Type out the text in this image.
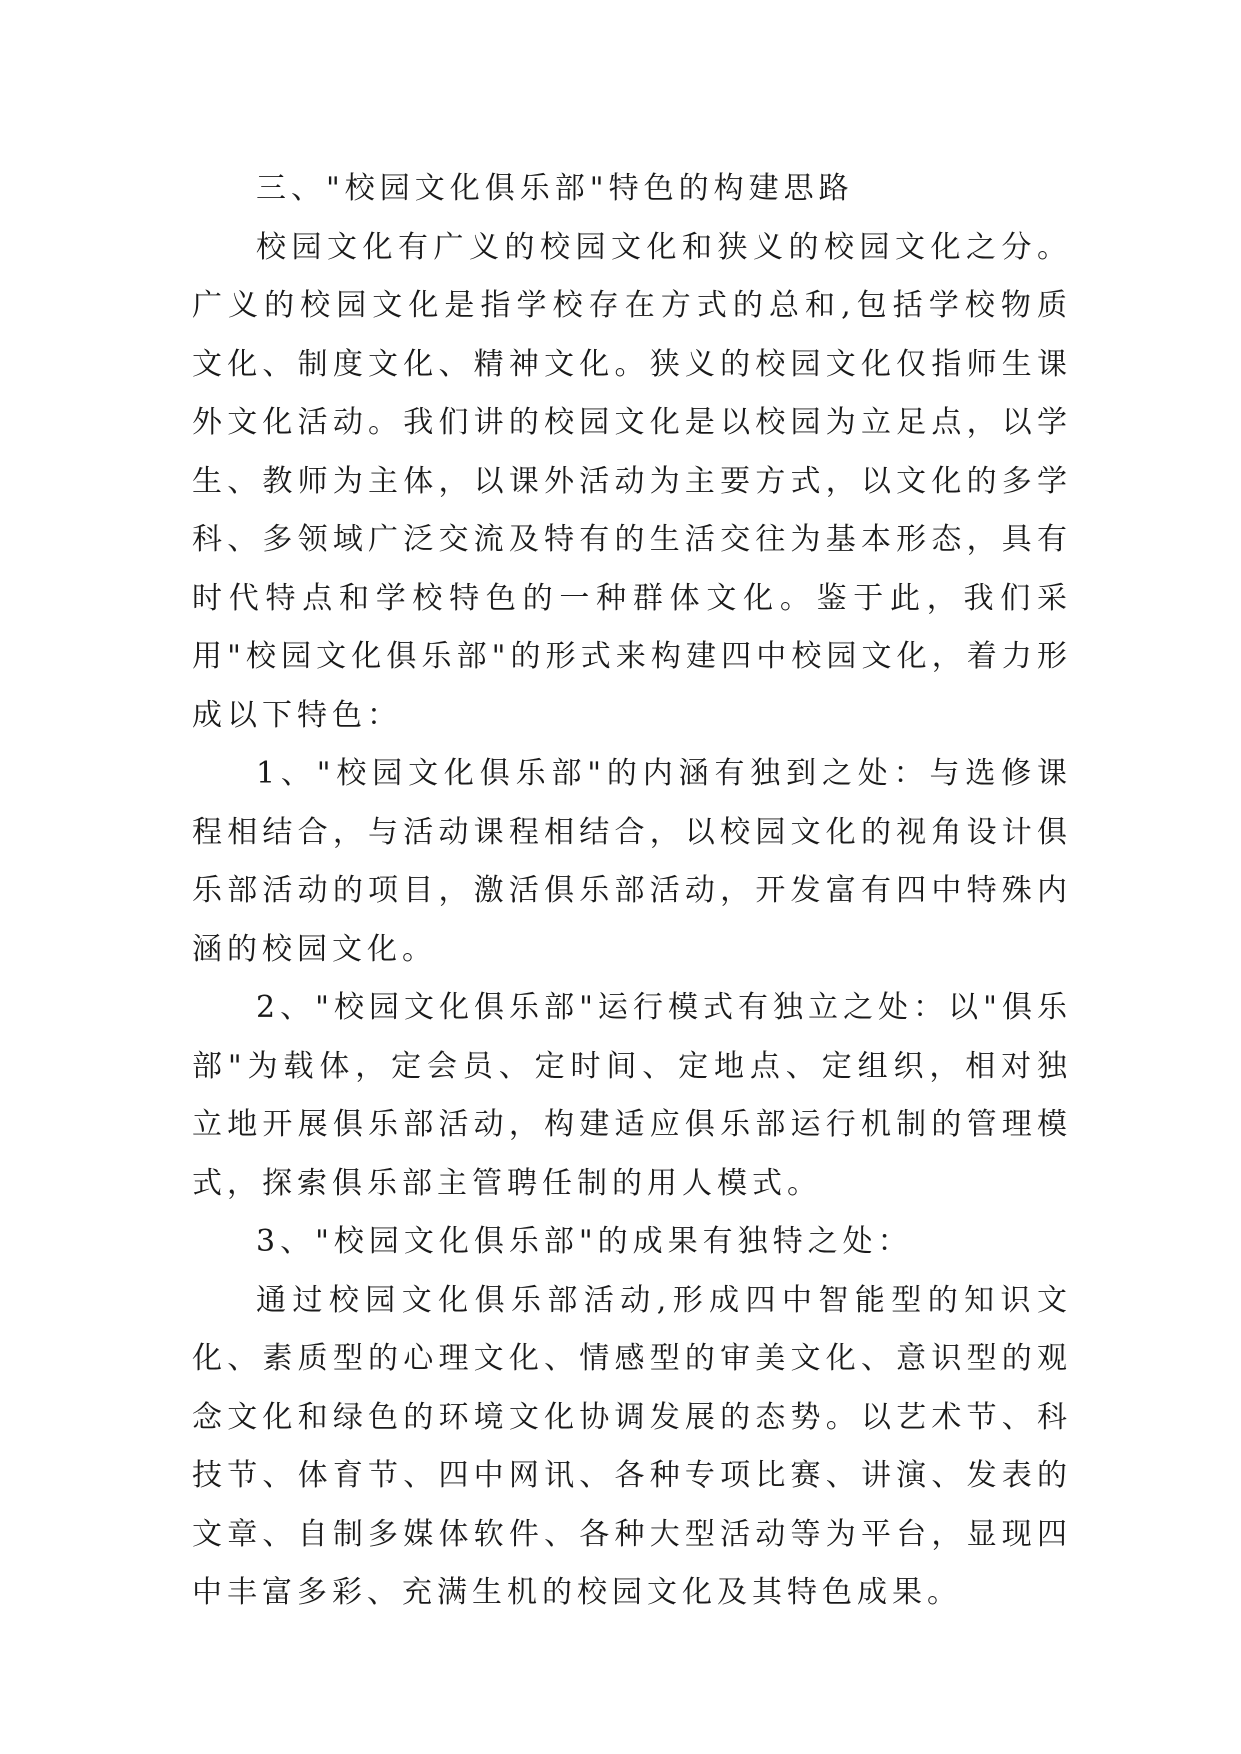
三、"校园文化俱乐部"特色的构建思路

校园文化有广义的校园文化和狭义的校园文化之分。广义的校园文化是指学校存在方式的总和,包括学校物质文化、制度文化、精神文化。狭义的校园文化仅指师生课外文化活动。我们讲的校园文化是以校园为立足点，以学生、教师为主体，以课外活动为主要方式，以文化的多学科、多领域广泛交流及特有的生活交往为基本形态，具有时代特点和学校特色的一种群体文化。鉴于此，我们采用"校园文化俱乐部"的形式来构建四中校园文化，着力形成以下特色：

1、"校园文化俱乐部"的内涵有独到之处：与选修课程相结合，与活动课程相结合，以校园文化的视角设计俱乐部活动的项目，激活俱乐部活动，开发富有四中特殊内涵的校园文化。

2、"校园文化俱乐部"运行模式有独立之处：以"俱乐部"为载体，定会员、定时间、定地点、定组织，相对独立地开展俱乐部活动，构建适应俱乐部运行机制的管理模式，探索俱乐部主管聘任制的用人模式。

3、"校园文化俱乐部"的成果有独特之处：

通过校园文化俱乐部活动,形成四中智能型的知识文化、素质型的心理文化、情感型的审美文化、意识型的观念文化和绿色的环境文化协调发展的态势。以艺术节、科技节、体育节、四中网讯、各种专项比赛、讲演、发表的文章、自制多媒体软件、各种大型活动等为平台，显现四中丰富多彩、充满生机的校园文化及其特色成果。
